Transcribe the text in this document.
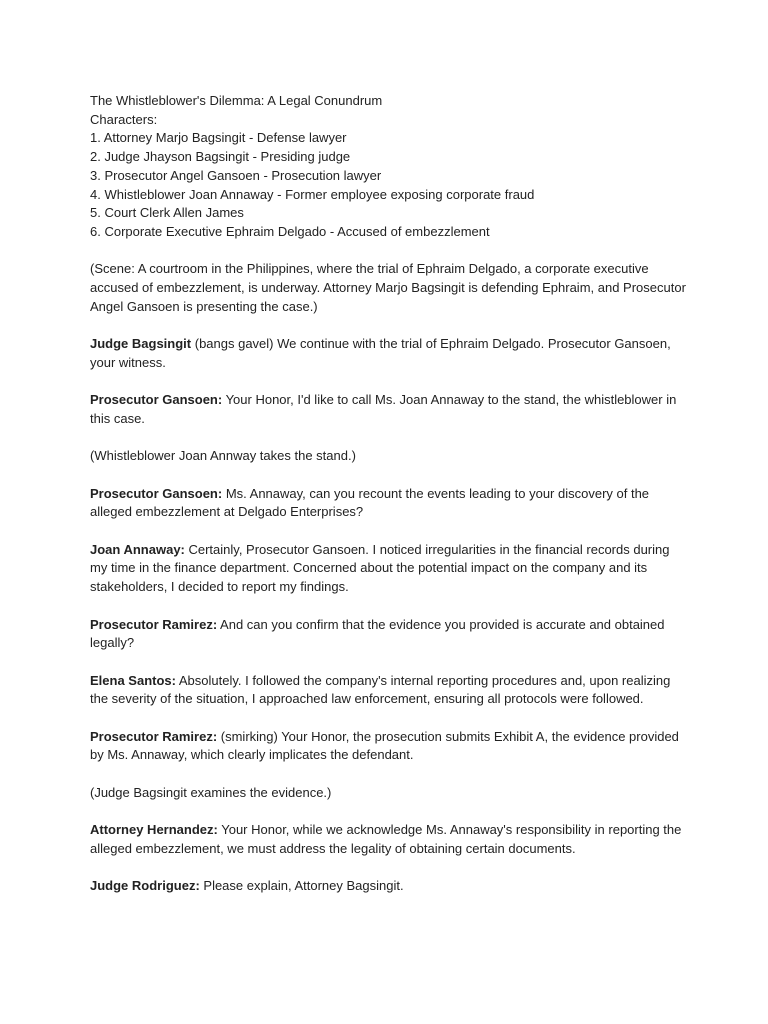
The Whistleblower's Dilemma: A Legal Conundrum
Characters:
1. Attorney Marjo Bagsingit - Defense lawyer
2. Judge Jhayson Bagsingit - Presiding judge
3. Prosecutor Angel Gansoen - Prosecution lawyer
4. Whistleblower Joan Annaway - Former employee exposing corporate fraud
5. Court Clerk Allen James
6. Corporate Executive Ephraim Delgado - Accused of embezzlement

(Scene: A courtroom in the Philippines, where the trial of Ephraim Delgado, a corporate executive accused of embezzlement, is underway. Attorney Marjo Bagsingit is defending Ephraim, and Prosecutor Angel Gansoen is presenting the case.)

Judge Bagsingit (bangs gavel) We continue with the trial of Ephraim Delgado. Prosecutor Gansoen, your witness.

Prosecutor Gansoen: Your Honor, I'd like to call Ms. Joan Annaway to the stand, the whistleblower in this case.

(Whistleblower Joan Annway takes the stand.)

Prosecutor Gansoen: Ms. Annaway, can you recount the events leading to your discovery of the alleged embezzlement at Delgado Enterprises?

Joan Annaway: Certainly, Prosecutor Gansoen. I noticed irregularities in the financial records during my time in the finance department. Concerned about the potential impact on the company and its stakeholders, I decided to report my findings.

Prosecutor Ramirez: And can you confirm that the evidence you provided is accurate and obtained legally?

Elena Santos: Absolutely. I followed the company's internal reporting procedures and, upon realizing the severity of the situation, I approached law enforcement, ensuring all protocols were followed.

Prosecutor Ramirez: (smirking) Your Honor, the prosecution submits Exhibit A, the evidence provided by Ms. Annaway, which clearly implicates the defendant.

(Judge Bagsingit examines the evidence.)

Attorney Hernandez: Your Honor, while we acknowledge Ms. Annaway's responsibility in reporting the alleged embezzlement, we must address the legality of obtaining certain documents.

Judge Rodriguez: Please explain, Attorney Bagsingit.
